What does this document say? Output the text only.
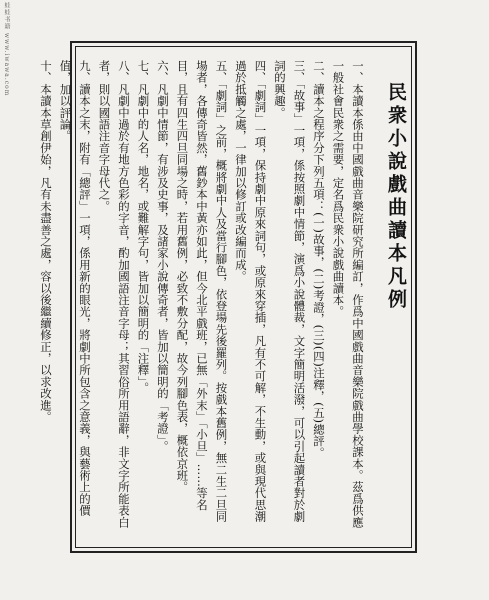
蛙蛙书籍 www.iwawa.com
民衆小說戲曲讀本凡例

一、本讀本係由中國戲曲音樂院研究所編訂，作爲中國戲曲音樂院戲曲學校課本。茲爲供應一般社會民衆之需要，定名爲民衆小說戲曲讀本。

二、讀本之程序分下列五項：(一)故事，(二)考證，(三)(四)注釋，(五)總評。

三、「故事」一項，係按照劇中情節，演爲小說體裁，文字簡明活潑，可以引起讀者對於劇詞的興趣。

四、「劇詞」一項，保持劇中原來詞句，或原來穿插，凡有不可解，不生動，或與現代思潮過於抵觸之處，一律加以修訂或改編而成。

五、「劇詞」之前，概將劇中人及當行腳色，依登場先後羅列。按戲本舊例，無二生二旦同場者，各傳奇皆然，舊鈔本中黃亦如此，但今北平戲班，已無「外末」「小旦」……等名目，且有四生四旦同場之時，若用舊例，必致不敷分配，故今列腳色表，概依京班。

六、凡劇中情節，有涉及史事，及諸家小說傳奇者，皆加以簡明的「考證」。

七、凡劇中的人名，地名，或難解字句，皆加以簡明的「注釋」。

八、凡劇中過於有地方色彩的字音，酌加國語注音字母；其習俗所用語辭，非文字所能表白者，則以國語注音字母代之。

九、讀本之末，附有「總評」一項，係用新的眼光，將劇中所包含之意義，與藝術上的價值，加以評論。

十、本讀本草創伊始，凡有未盡善之處，容以後繼續修正，以求改進。
